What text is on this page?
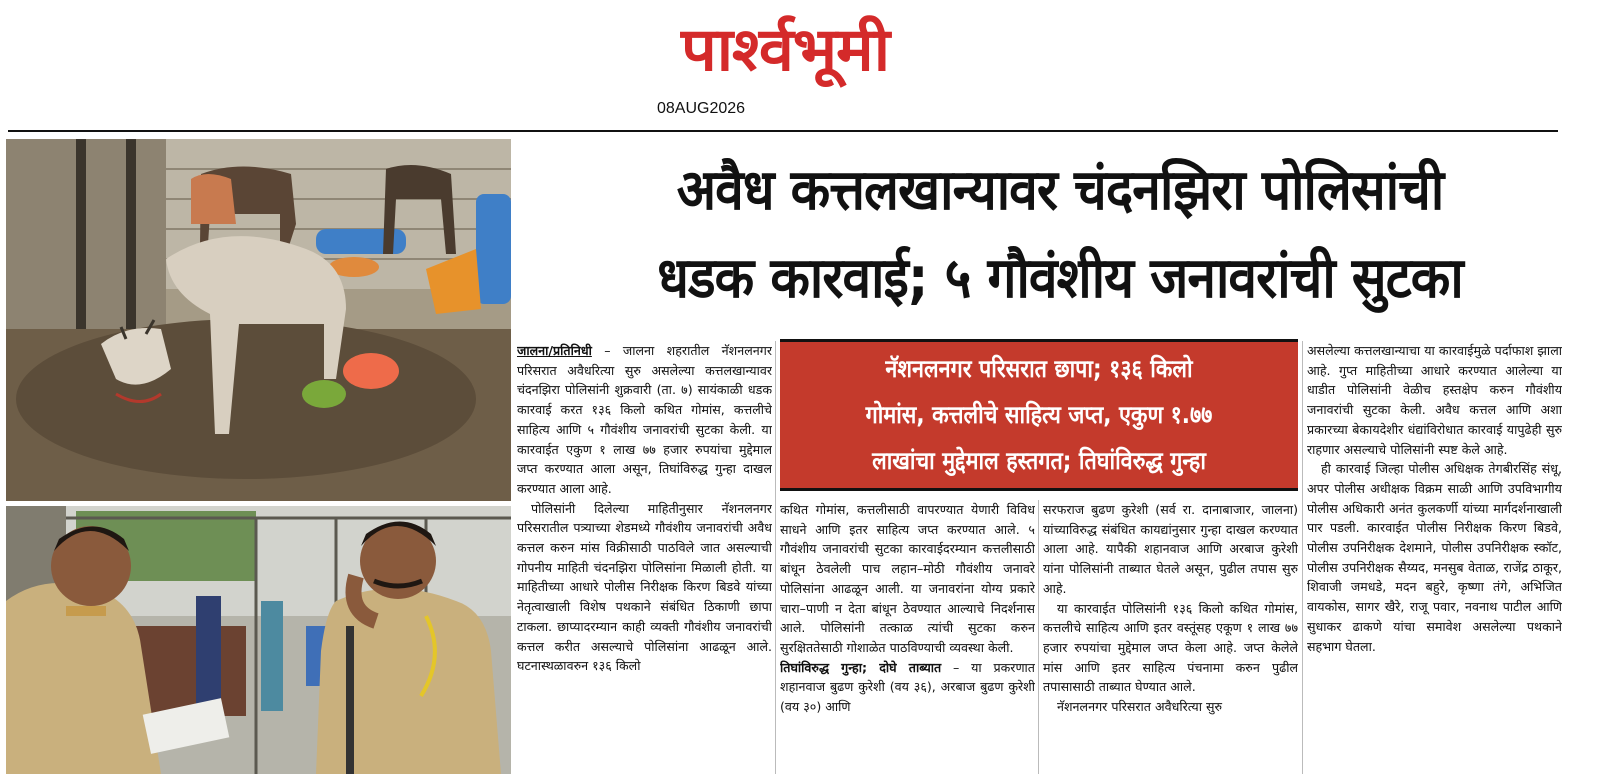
पार्श्वभूमी
08AUG2026
अवैध कत्तलखान्यावर चंदनझिरा पोलिसांची
धडक कारवाई; ५ गौवंशीय जनावरांची सुटका

जालना/प्रतिनिधी – जालना शहरातील नॅशनलनगर परिसरात अवैधरित्या सुरु असलेल्या कत्तलखान्यावर चंदनझिरा पोलिसांनी शुक्रवारी (ता. ७) सायंकाळी धडक कारवाई करत १३६ किलो कथित गोमांस, कत्तलीचे साहित्य आणि ५ गौवंशीय जनावरांची सुटका केली. या कारवाईत एकुण १ लाख ७७ हजार रुपयांचा मुद्देमाल जप्त करण्यात आला असून, तिघांविरुद्ध गुन्हा दाखल करण्यात आला आहे.

पोलिसांनी दिलेल्या माहितीनुसार नॅशनलनगर परिसरातील पत्र्याच्या शेडमध्ये गौवंशीय जनावरांची अवैध कत्तल करुन मांस विक्रीसाठी पाठविले जात असल्याची गोपनीय माहिती चंदनझिरा पोलिसांना मिळाली होती. या माहितीच्या आधारे पोलीस निरीक्षक किरण बिडवे यांच्या नेतृत्वाखाली विशेष पथकाने संबंधित ठिकाणी छापा टाकला. छाप्यादरम्यान काही व्यक्ती गौवंशीय जनावरांची कत्तल करीत असल्याचे पोलिसांना आढळून आले. घटनास्थळावरुन १३६ किलो

नॅशनलनगर परिसरात छापा; १३६ किलो
गोमांस, कत्तलीचे साहित्य जप्त, एकुण १.७७
लाखांचा मुद्देमाल हस्तगत; तिघांविरुद्ध गुन्हा

कथित गोमांस, कत्तलीसाठी वापरण्यात येणारी विविध साधने आणि इतर साहित्य जप्त करण्यात आले. ५ गौवंशीय जनावरांची सुटका कारवाईदरम्यान कत्तलीसाठी बांधून ठेवलेली पाच लहान–मोठी गौवंशीय जनावरे पोलिसांना आढळून आली. या जनावरांना योग्य प्रकारे चारा–पाणी न देता बांधून ठेवण्यात आल्याचे निदर्शनास आले. पोलिसांनी तत्काळ त्यांची सुटका करुन सुरक्षिततेसाठी गोशाळेत पाठविण्याची व्यवस्था केली.

तिघांविरुद्ध गुन्हा; दोघे ताब्यात – या प्रकरणात शहानवाज बुढण कुरेशी (वय ३६), अरबाज बुढण कुरेशी (वय ३०) आणि

सरफराज बुढण कुरेशी (सर्व रा. दानाबाजार, जालना) यांच्याविरुद्ध संबंधित कायद्यांनुसार गुन्हा दाखल करण्यात आला आहे. यापैकी शहानवाज आणि अरबाज कुरेशी यांना पोलिसांनी ताब्यात घेतले असून, पुढील तपास सुरु आहे.

या कारवाईत पोलिसांनी १३६ किलो कथित गोमांस, कत्तलीचे साहित्य आणि इतर वस्तूंसह एकूण १ लाख ७७ हजार रुपयांचा मुद्देमाल जप्त केला आहे. जप्त केलेले मांस आणि इतर साहित्य पंचनामा करुन पुढील तपासासाठी ताब्यात घेण्यात आले.

नॅशनलनगर परिसरात अवैधरित्या सुरु

असलेल्या कत्तलखान्याचा या कारवाईमुळे पर्दाफाश झाला आहे. गुप्त माहितीच्या आधारे करण्यात आलेल्या या धाडीत पोलिसांनी वेळीच हस्तक्षेप करुन गौवंशीय जनावरांची सुटका केली. अवैध कत्तल आणि अशा प्रकारच्या बेकायदेशीर धंद्यांविरोधात कारवाई यापुढेही सुरु राहणार असल्याचे पोलिसांनी स्पष्ट केले आहे.

ही कारवाई जिल्हा पोलीस अधिक्षक तेगबीरसिंह संधू, अपर पोलीस अधीक्षक विक्रम साळी आणि उपविभागीय पोलीस अधिकारी अनंत कुलकर्णी यांच्या मार्गदर्शनाखाली पार पडली. कारवाईत पोलीस निरीक्षक किरण बिडवे, पोलीस उपनिरीक्षक देशमाने, पोलीस उपनिरीक्षक स्कॉट, पोलीस उपनिरीक्षक सैय्यद, मनसुब वेताळ, राजेंद्र ठाकूर, शिवाजी जमधडे, मदन बहुरे, कृष्णा तंगे, अभिजित वायकोस, सागर खैरे, राजू पवार, नवनाथ पाटील आणि सुधाकर ढाकणे यांचा समावेश असलेल्या पथकाने सहभाग घेतला.
